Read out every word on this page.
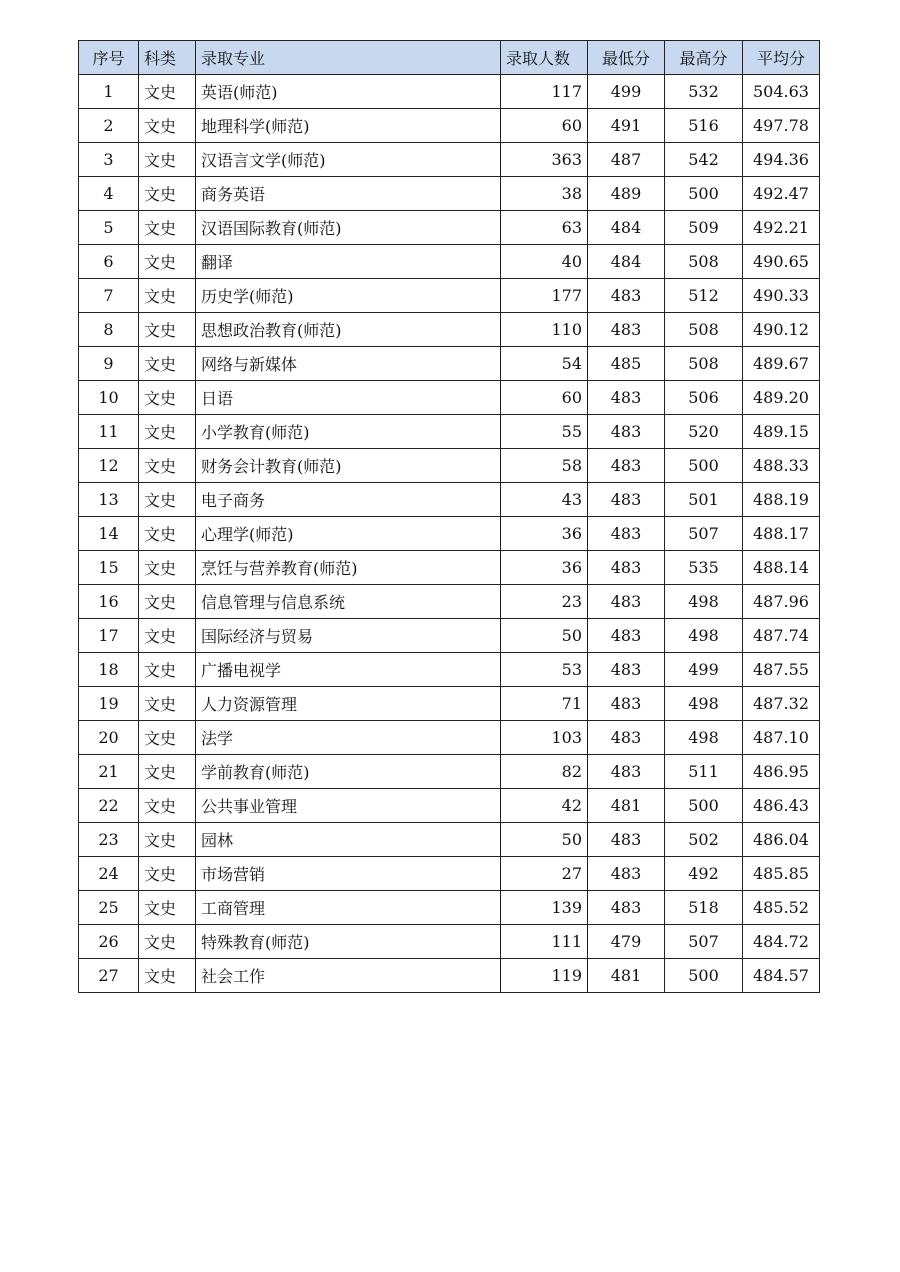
序号	科类	录取专业	录取人数	最低分	最高分	平均分
1	文史	英语(师范)	117	499	532	504.63
2	文史	地理科学(师范)	60	491	516	497.78
3	文史	汉语言文学(师范)	363	487	542	494.36
4	文史	商务英语	38	489	500	492.47
5	文史	汉语国际教育(师范)	63	484	509	492.21
6	文史	翻译	40	484	508	490.65
7	文史	历史学(师范)	177	483	512	490.33
8	文史	思想政治教育(师范)	110	483	508	490.12
9	文史	网络与新媒体	54	485	508	489.67
10	文史	日语	60	483	506	489.20
11	文史	小学教育(师范)	55	483	520	489.15
12	文史	财务会计教育(师范)	58	483	500	488.33
13	文史	电子商务	43	483	501	488.19
14	文史	心理学(师范)	36	483	507	488.17
15	文史	烹饪与营养教育(师范)	36	483	535	488.14
16	文史	信息管理与信息系统	23	483	498	487.96
17	文史	国际经济与贸易	50	483	498	487.74
18	文史	广播电视学	53	483	499	487.55
19	文史	人力资源管理	71	483	498	487.32
20	文史	法学	103	483	498	487.10
21	文史	学前教育(师范)	82	483	511	486.95
22	文史	公共事业管理	42	481	500	486.43
23	文史	园林	50	483	502	486.04
24	文史	市场营销	27	483	492	485.85
25	文史	工商管理	139	483	518	485.52
26	文史	特殊教育(师范)	111	479	507	484.72
27	文史	社会工作	119	481	500	484.57
